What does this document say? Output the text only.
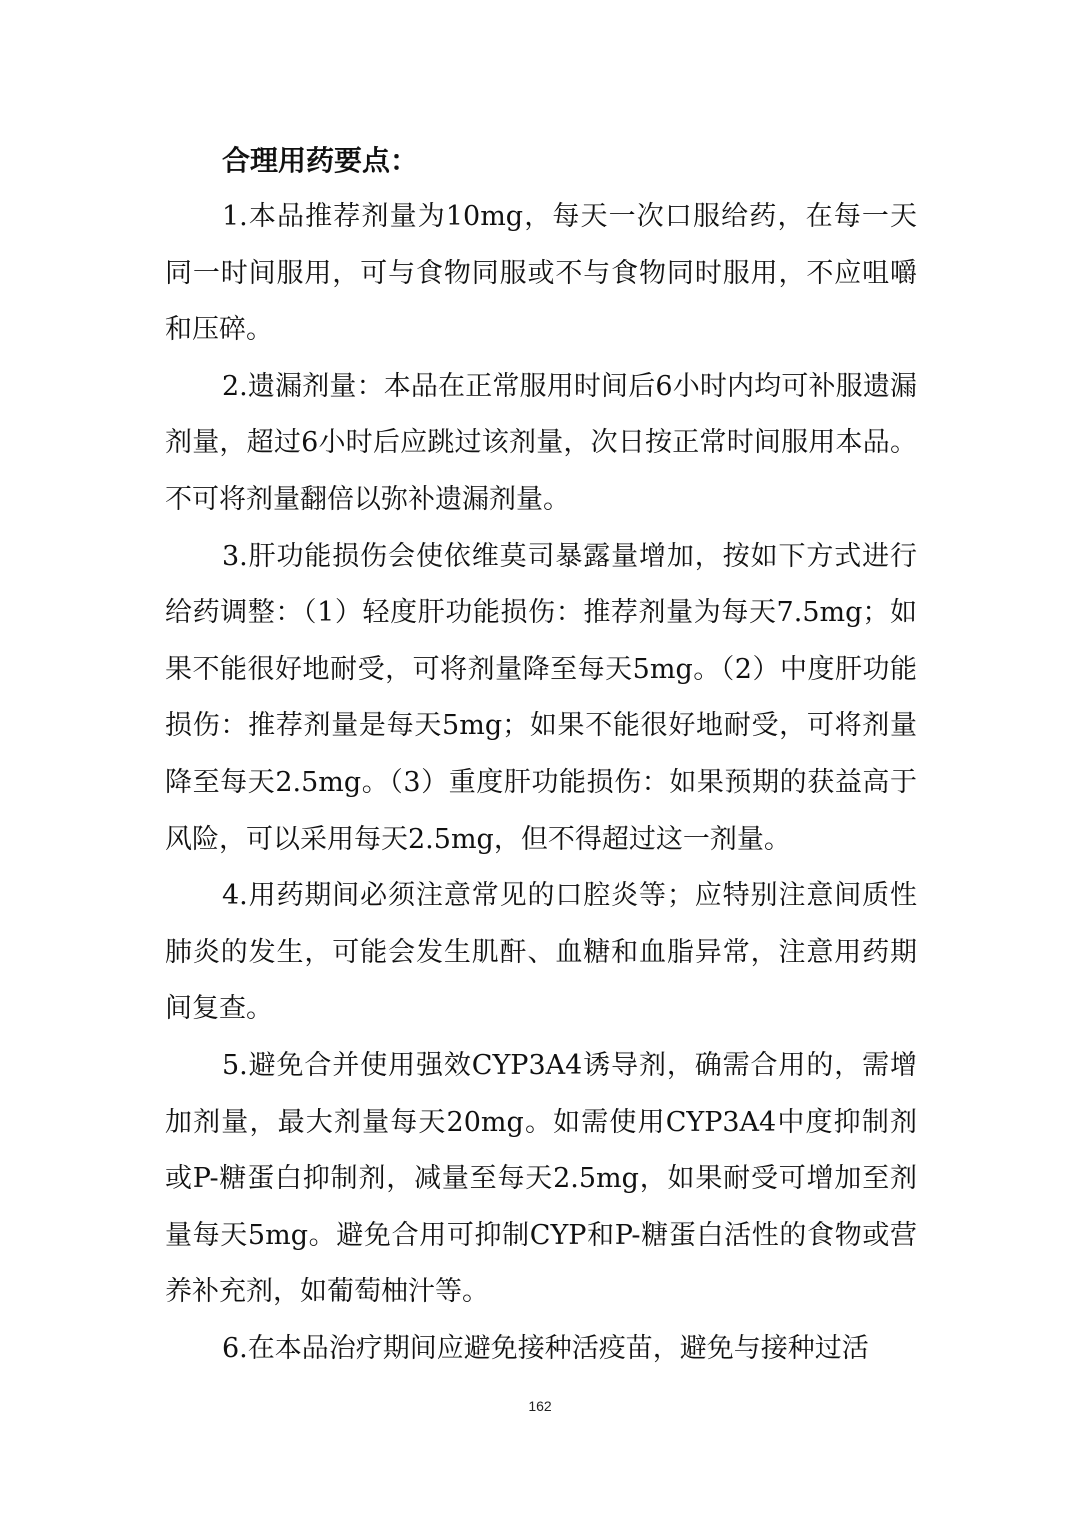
合理用药要点：

1.本品推荐剂量为10mg，每天一次口服给药，在每一天同一时间服用，可与食物同服或不与食物同时服用，不应咀嚼和压碎。

2.遗漏剂量：本品在正常服用时间后6小时内均可补服遗漏剂量，超过6小时后应跳过该剂量，次日按正常时间服用本品。不可将剂量翻倍以弥补遗漏剂量。

3.肝功能损伤会使依维莫司暴露量增加，按如下方式进行给药调整：（1）轻度肝功能损伤：推荐剂量为每天7.5mg；如果不能很好地耐受，可将剂量降至每天5mg。（2）中度肝功能损伤：推荐剂量是每天5mg；如果不能很好地耐受，可将剂量降至每天2.5mg。（3）重度肝功能损伤：如果预期的获益高于风险，可以采用每天2.5mg，但不得超过这一剂量。

4.用药期间必须注意常见的口腔炎等；应特别注意间质性肺炎的发生，可能会发生肌酐、血糖和血脂异常，注意用药期间复查。

5.避免合并使用强效CYP3A4诱导剂，确需合用的，需增加剂量，最大剂量每天20mg。如需使用CYP3A4中度抑制剂或P-糖蛋白抑制剂，减量至每天2.5mg，如果耐受可增加至剂量每天5mg。避免合用可抑制CYP和P-糖蛋白活性的食物或营养补充剂，如葡萄柚汁等。

6.在本品治疗期间应避免接种活疫苗，避免与接种过活

162
